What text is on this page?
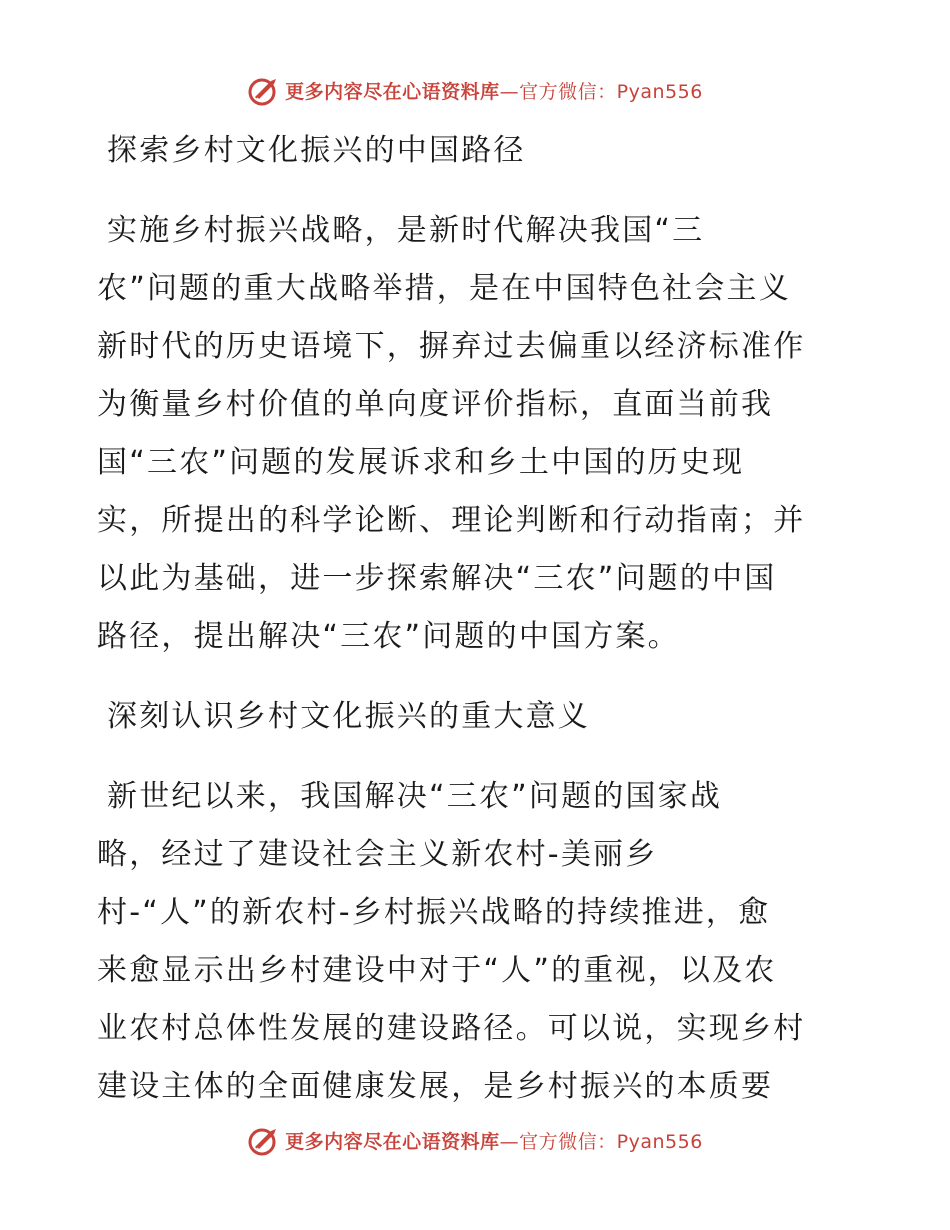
更多内容尽在心语资料库—官方微信：Pyan556
探索乡村文化振兴的中国路径
实施乡村振兴战略，是新时代解决我国“三
农”问题的重大战略举措，是在中国特色社会主义
新时代的历史语境下，摒弃过去偏重以经济标准作
为衡量乡村价值的单向度评价指标，直面当前我
国“三农”问题的发展诉求和乡土中国的历史现
实，所提出的科学论断、理论判断和行动指南；并
以此为基础，进一步探索解决“三农”问题的中国
路径，提出解决“三农”问题的中国方案。
深刻认识乡村文化振兴的重大意义
新世纪以来，我国解决“三农”问题的国家战
略，经过了建设社会主义新农村-美丽乡
村-“人”的新农村-乡村振兴战略的持续推进，愈
来愈显示出乡村建设中对于“人”的重视，以及农
业农村总体性发展的建设路径。可以说，实现乡村
建设主体的全面健康发展，是乡村振兴的本质要
更多内容尽在心语资料库—官方微信：Pyan556
